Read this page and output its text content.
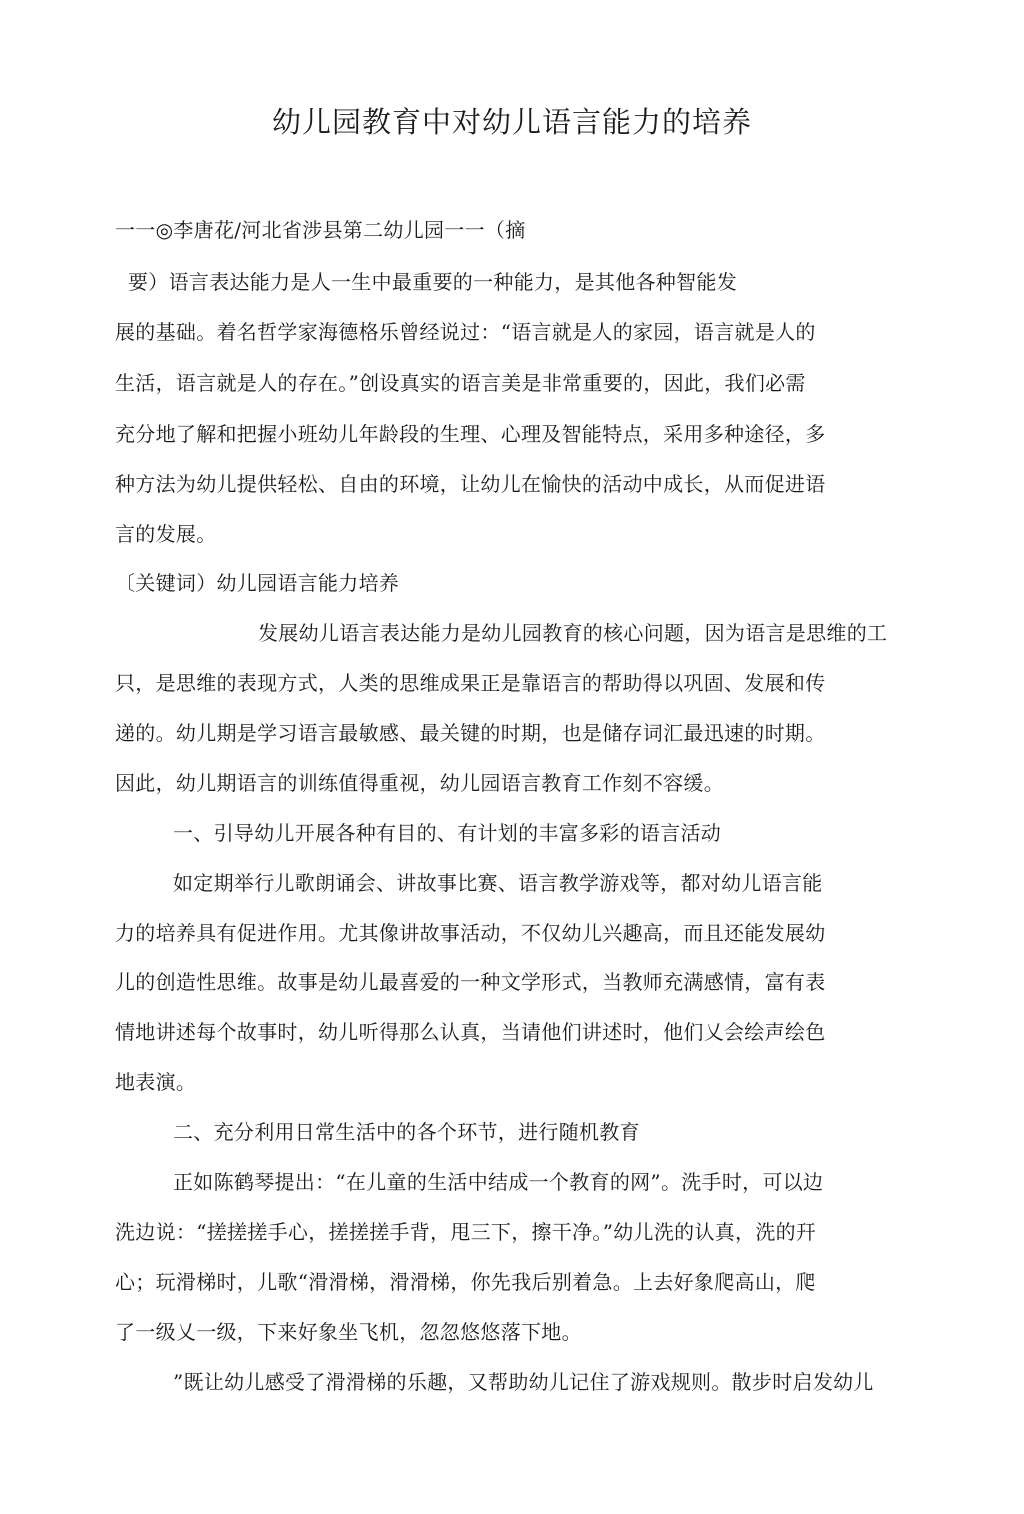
幼儿园教育中对幼儿语言能力的培养
一一◎李唐花/河北省涉县第二幼儿园一一（摘
要）语言表达能力是人一生中最重要的一种能力，是其他各种智能发
展的基础。着名哲学家海德格乐曾经说过：“语言就是人的家园，语言就是人的
生活，语言就是人的存在。”创设真实的语言美是非常重要的，因此，我们必需
充分地了解和把握小班幼儿年龄段的生理、心理及智能特点，采用多种途径，多
种方法为幼儿提供轻松、自由的环境，让幼儿在愉快的活动中成长，从而促进语
言的发展。
〔关键词）幼儿园语言能力培养
发展幼儿语言表达能力是幼儿园教育的核心问题，因为语言是思维的工
只，是思维的表现方式，人类的思维成果正是靠语言的帮助得以巩固、发展和传
递的。幼儿期是学习语言最敏感、最关键的时期，也是储存词汇最迅速的时期。
因此，幼儿期语言的训练值得重视，幼儿园语言教育工作刻不容缓。
一、引导幼儿开展各种有目的、有计划的丰富多彩的语言活动
如定期举行儿歌朗诵会、讲故事比赛、语言教学游戏等，都对幼儿语言能
力的培养具有促进作用。尤其像讲故事活动，不仅幼儿兴趣高，而且还能发展幼
儿的创造性思维。故事是幼儿最喜爱的一种文学形式，当教师充满感情，富有表
情地讲述每个故事时，幼儿听得那么认真，当请他们讲述时，他们乂会绘声绘色
地表演。
二、充分利用日常生活中的各个环节，进行随机教育
正如陈鹤琴提出：“在儿童的生活中结成一个教育的网”。洗手时，可以边
洗边说：“搓搓搓手心，搓搓搓手背，甩三下，擦干净。”幼儿洗的认真，洗的幵
心；玩滑梯时，儿歌“滑滑梯，滑滑梯，你先我后别着急。上去好象爬高山，爬
了一级乂一级，下来好象坐飞机，忽忽悠悠落下地。
”既让幼儿感受了滑滑梯的乐趣，又帮助幼儿记住了游戏规则。散步时启发幼儿
